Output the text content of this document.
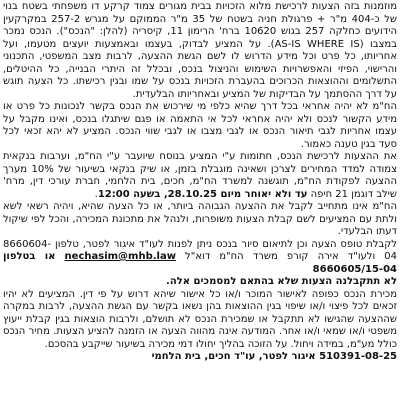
מוזמנות בזה הצעות לרכישת מלוא הזכויות בבית מגורים צמוד קרקע דו משפחתי בשטח בנוי של כ-404 מ"ר + פרגולת חניה בשטח של 35 מ"ר הממוקם על מגרש 257-2 במקרקעין הידועים כחלקה 257 בגוש 10620 ברח' הרימון 11, קיסריה (להלן: "הנכס"). הנכס נמכר במצבו (AS-IS WHERE IS). על המציע לבדוק, בעצמו ובאמצעות יועצים מטעמו, ועל אחריותו, כל פרט וכל מידע הדרוש לו לשם הגשת ההצעה, לרבות מצב המשפטי, התכנוני והרישוי, הפיזי והאפשרויות השימוש והניצול בנכס, ובכלל זה היתרי הבנייה, כל ההיטלים, התשלומים וההוצאות הכרוכים בהעברת הזכויות בנכס על שמו ובגין רכישתו. כל הצעה תוגש על דרך ההסתמך על הבדיקות של המציע ובאחריותו הבלעדית.

הח"מ לא יהיה אחראי בכל דרך שהיא כלפי מי שירכוש את הנכס בקשר לנכונות כל פרט או מידע הקשור לנכס ולא יהיה אחראי לכל אי התאמה או פגם שיתגלו בנכס, ואינו מקבל על עצמו אחריות לגבי תיאור הנכס או לגבי מצבו או לגבי שווי הנכס. המציע לא יהא זכאי לכל סעד בגין טענה כאמור.

את ההצעות לרכישת הנכס, חתומות ע"י המציע בנוסח שיועבר ע"י הח"מ, וערבות בנקאית צמודה למדד המחירים לצרכן ושאינה מוגבלת בזמן, או שיק בנקאי בשיעור של 10% מערך ההצעה לפקודת הח"מ, תוגשנה למשרד הח"מ, חכים, בית הלחמי, חברת עורכי דין, מרח' שילב דוגמן 21 חיפה עד ולא יאוחר מיום 28.10.25, בשעה 12:00.

הח"מ אינו מתחייב לקבל את ההצעה הגבוהה ביותר, או כל הצעה שהיא, ויהיה רשאי לשא ולתת עם המציעים לשם קבלת הצעות משופרות, ולנהל את מתכונת המכירה, והכל לפי שיקול דעתו הבלעדי.

לקבלת טופס הצעה וכן לתיאום סיור בנכס ניתן לפנות לעו"ד איגור לפטר, טלפון 8660604-04 ולעו"ד אירה קורפ משרד הח"מ דוא"ל nechasim@mhb.law או בטלפון 8660605/15-04

לא תתקבלנה הצעות שלא בהתאם למסמכים אלה.

מכירת הנכס כפופה לאישור המוכר ו/או כל אישור שיהא דרוש על פי דין. המציעים לא יהיו זכאים לכל פיצוי ו/או שיפוי בגין ההוצאות בהן נשאו בקשר עם הגשת ההצעה, לרבות במקרה שההצעה שהגישו לא תתקבל או שמכירת הנכס לא תושלם, ולרבות הוצאות בגין קבלת ייעוץ משפטי ו/או שמאי ו/או אחר. המודעה אינה מהווה הצעה או הזמנה להציע הצעות. מחיר הנכס כולל מע"מ, במידה ויחול. על הזוכה בהליך יחולו דמי מכירה בשיעור שייקבע בהסכם.

510391-08-25 איגור לפטר, עו"ד חכים, בית הלחמי
